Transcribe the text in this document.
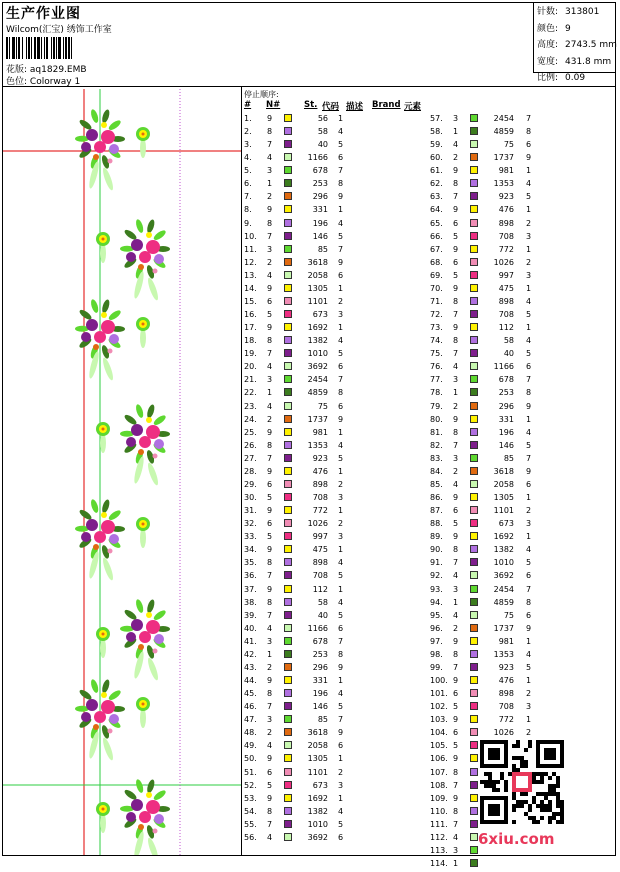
生产作业图
Wilcom(汇宝) 绣饰工作室
花版: aq1829.EMB
色位: Colorway 1
针数: 313801
颜色: 9
高度: 2743.5 mm
宽度: 431.8 mm
比例: 0.09
停止顺序:
# N#	St. 代码 描述 Brand 元素
1. 9	56 1
2. 8	58 4
3. 7	40 5
4. 4	1166 6
5. 3	678 7
6. 1	253 8
7. 2	296 9
8. 9	331 1
9. 8	196 4
10. 7	146 5
11. 3	85 7
12. 2	3618 9
13. 4	2058 6
14. 9	1305 1
15. 6	1101 2
16. 5	673 3
17. 9	1692 1
18. 8	1382 4
19. 7	1010 5
20. 4	3692 6
21. 3	2454 7
22. 1	4859 8
23. 4	75 6
24. 2	1737 9
25. 9	981 1
26. 8	1353 4
27. 7	923 5
28. 9	476 1
29. 6	898 2
30. 5	708 3
31. 9	772 1
32. 6	1026 2
33. 5	997 3
34. 9	475 1
35. 8	898 4
36. 7	708 5
37. 9	112 1
38. 8	58 4
39. 7	40 5
40. 4	1166 6
41. 3	678 7
42. 1	253 8
43. 2	296 9
44. 9	331 1
45. 8	196 4
46. 7	146 5
47. 3	85 7
48. 2	3618 9
49. 4	2058 6
50. 9	1305 1
51. 6	1101 2
52. 5	673 3
53. 9	1692 1
54. 8	1382 4
55. 7	1010 5
56. 4	3692 6
57. 3	2454 7
58. 1	4859 8
59. 4	75 6
60. 2	1737 9
61. 9	981 1
62. 8	1353 4
63. 7	923 5
64. 9	476 1
65. 6	898 2
66. 5	708 3
67. 9	772 1
68. 6	1026 2
69. 5	997 3
70. 9	475 1
71. 8	898 4
72. 7	708 5
73. 9	112 1
74. 8	58 4
75. 7	40 5
76. 4	1166 6
77. 3	678 7
78. 1	253 8
79. 2	296 9
80. 9	331 1
81. 8	196 4
82. 7	146 5
83. 3	85 7
84. 2	3618 9
85. 4	2058 6
86. 9	1305 1
87. 6	1101 2
88. 5	673 3
89. 9	1692 1
90. 8	1382 4
91. 7	1010 5
92. 4	3692 6
93. 3	2454 7
94. 1	4859 8
95. 4	75 6
96. 2	1737 9
97. 9	981 1
98. 8	1353 4
99. 7	923 5
100. 9	476 1
101. 6	898 2
102. 5	708 3
103. 9	772 1
104. 6	1026 2
105. 5
106. 9
107. 8
108. 7
109. 9
110. 8
111. 7
112. 4
113. 3
114. 1
6xiu.com
